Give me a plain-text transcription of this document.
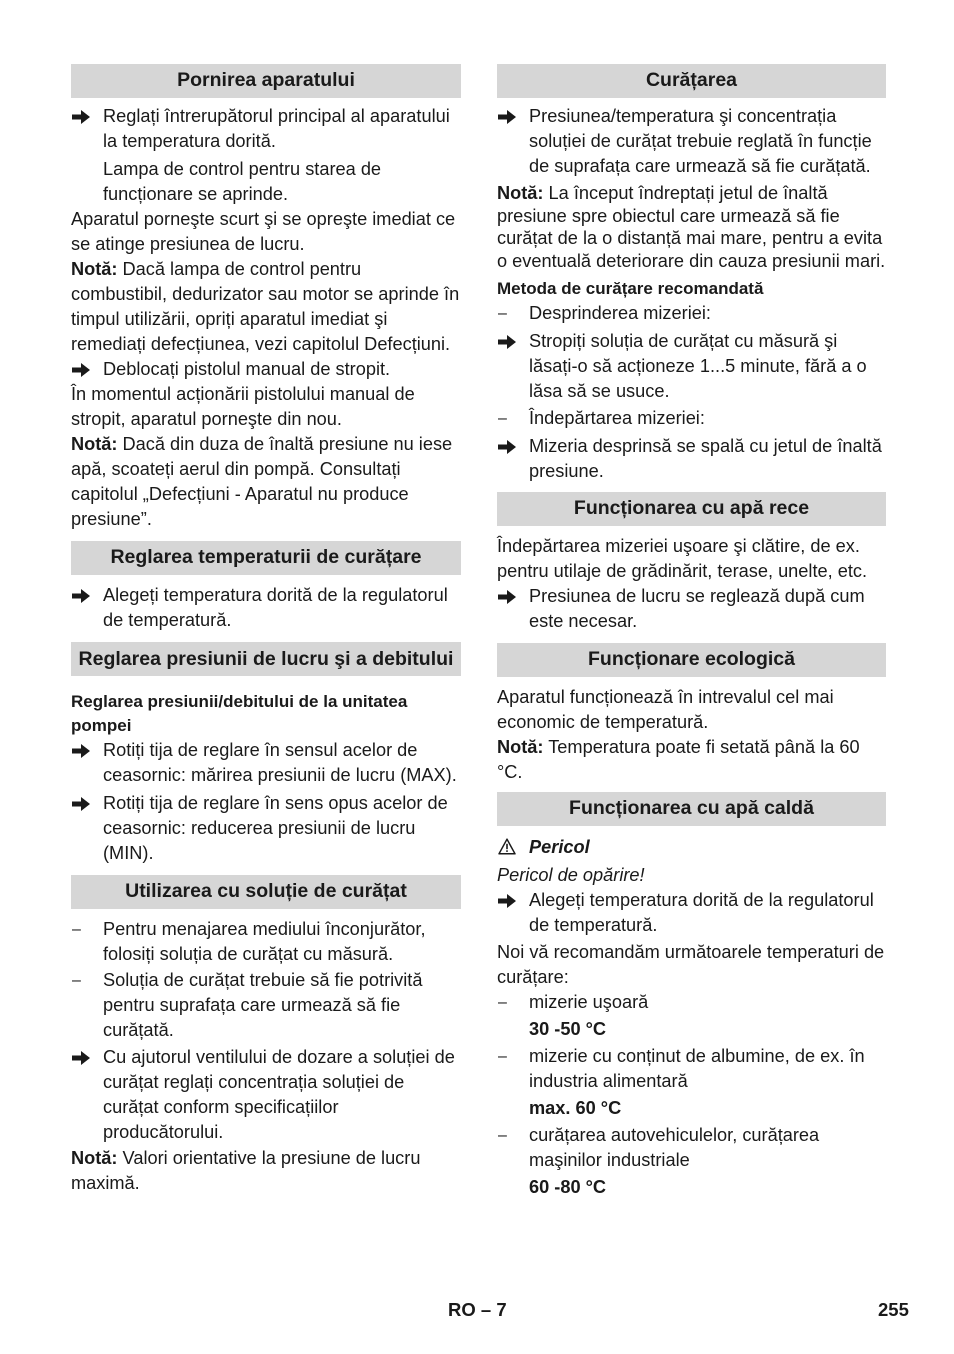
Pornirea aparatului
Reglați întrerupătorul principal al aparatului la temperatura dorită.

Lampa de control pentru starea de funcționare se aprinde.

Aparatul porneşte scurt şi se opreşte imediat ce se atinge presiunea de lucru.

Notă: Dacă lampa de control pentru combustibil, dedurizator sau motor se aprinde în timpul utilizării, opriți aparatul imediat şi remediați defecțiunea, vezi capitolul Defecțiuni.

Deblocați pistolul manual de stropit.

În momentul acționării pistolului manual de stropit, aparatul porneşte din nou.

Notă: Dacă din duza de înaltă presiune nu iese apă, scoateți aerul din pompă. Consultați capitolul „Defecțiuni - Aparatul nu produce presiune”.

Reglarea temperaturii de curățare
Alegeți temperatura dorită de la regulatorul de temperatură.
Reglarea presiunii de lucru şi a debitului

Reglarea presiunii/debitului de la unitatea pompei

Rotiți tija de reglare în sensul acelor de ceasornic: mărirea presiunii de lucru (MAX).
Rotiți tija de reglare în sens opus acelor de ceasornic: reducerea presiunii de lucru (MIN).
Utilizarea cu soluție de curățat
–	Pentru menajarea mediului înconjurător, folosiți soluția de curățat cu măsură.
–	Soluția de curățat trebuie să fie potrivită pentru suprafața care urmează să fie curățată.
Cu ajutorul ventilului de dozare a soluției de curățat reglați concentrația soluției de curățat conform specificațiilor producătorului.

Notă: Valori orientative la presiune de lucru maximă.

Curățarea
Presiunea/temperatura şi concentrația soluției de curățat trebuie reglată în funcție de suprafața care urmează să fie curățată.

Notă: La început îndreptați jetul de înaltă presiune spre obiectul care urmează să fie curățat de la o distanță mai mare, pentru a evita o eventuală deteriorare din cauza presiunii mari.

Metoda de curățare recomandată

–	Desprinderea mizeriei:
Stropiți soluția de curățat cu măsură şi lăsați-o să acționeze 1...5 minute, fără a o lăsa să se usuce.
–	Îndepărtarea mizeriei:
Mizeria desprinsă se spală cu jetul de înaltă presiune.
Funcționarea cu apă rece

Îndepărtarea mizeriei uşoare şi clătire, de ex. pentru utilaje de grădinărit, terase, unelte, etc.

Presiunea de lucru se reglează după cum este necesar.
Funcționare ecologică

Aparatul funcționează în intrevalul cel mai economic de temperatură.

Notă: Temperatura poate fi setată până la 60 °C.

Funcționarea cu apă caldă

Pericol

Pericol de opărire!

Alegeți temperatura dorită de la regulatorul de temperatură.

Noi vă recomandăm următoarele temperaturi de curățare:

–	mizerie uşoară

30 -50 °C

–	mizerie cu conținut de albumine, de ex. în industria alimentară

max. 60 °C

–	curățarea autovehiculelor, curățarea maşinilor industriale

60 -80 °C

RO – 7	255
